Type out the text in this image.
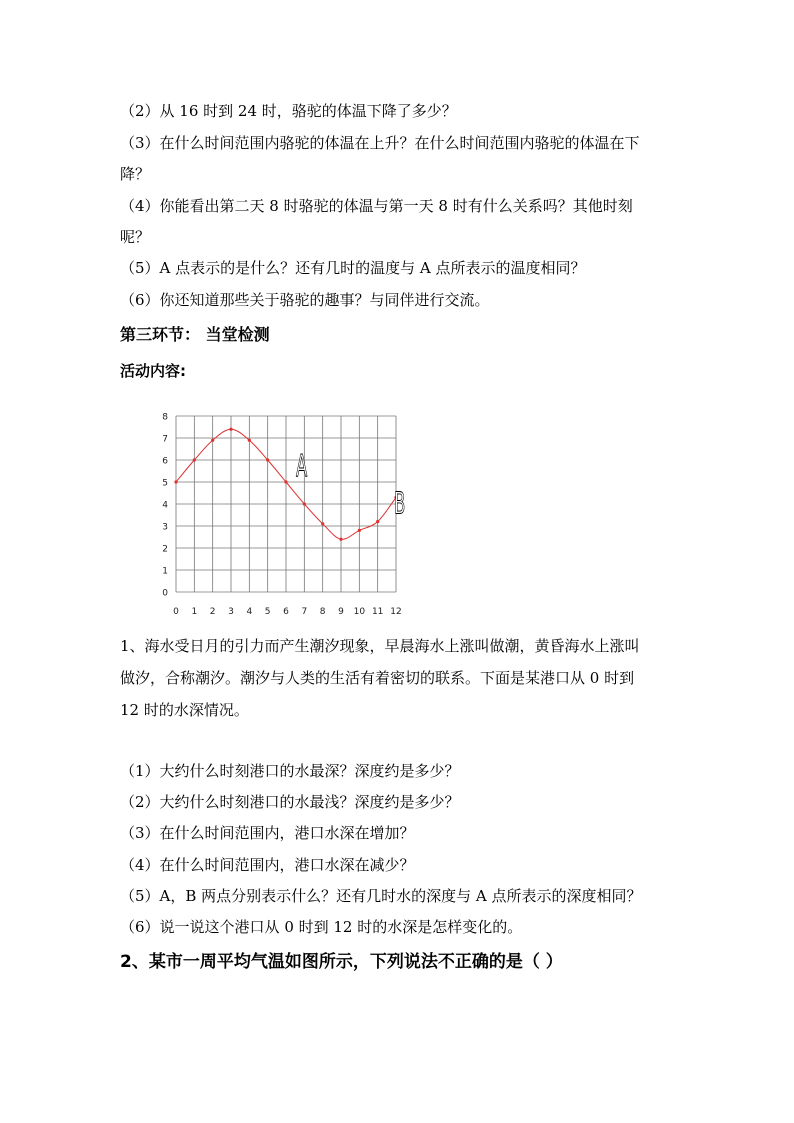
（2）从 16 时到 24 时，骆驼的体温下降了多少？
（3）在什么时间范围内骆驼的体温在上升？在什么时间范围内骆驼的体温在下
降？
（4）你能看出第二天 8 时骆驼的体温与第一天 8 时有什么关系吗？其他时刻
呢？
（5）A 点表示的是什么？还有几时的温度与 A 点所表示的温度相同？
（6）你还知道那些关于骆驼的趣事？与同伴进行交流。
第三环节： 当堂检测
活动内容:
0
1
2
3
4
5
6
7
8
0 1 2 3 4 5 6 7 8 9 10 11 12
A
B
1、海水受日月的引力而产生潮汐现象，早晨海水上涨叫做潮，黄昏海水上涨叫
做汐，合称潮汐。潮汐与人类的生活有着密切的联系。下面是某港口从 0 时到
12 时的水深情况。
（1）大约什么时刻港口的水最深？深度约是多少？
（2）大约什么时刻港口的水最浅？深度约是多少？
（3）在什么时间范围内，港口水深在增加？
（4）在什么时间范围内，港口水深在减少？
（5）A，B 两点分别表示什么？还有几时水的深度与 A 点所表示的深度相同？
（6）说一说这个港口从 0 时到 12 时的水深是怎样变化的。
2、某市一周平均气温如图所示，下列说法不正确的是（ ）
